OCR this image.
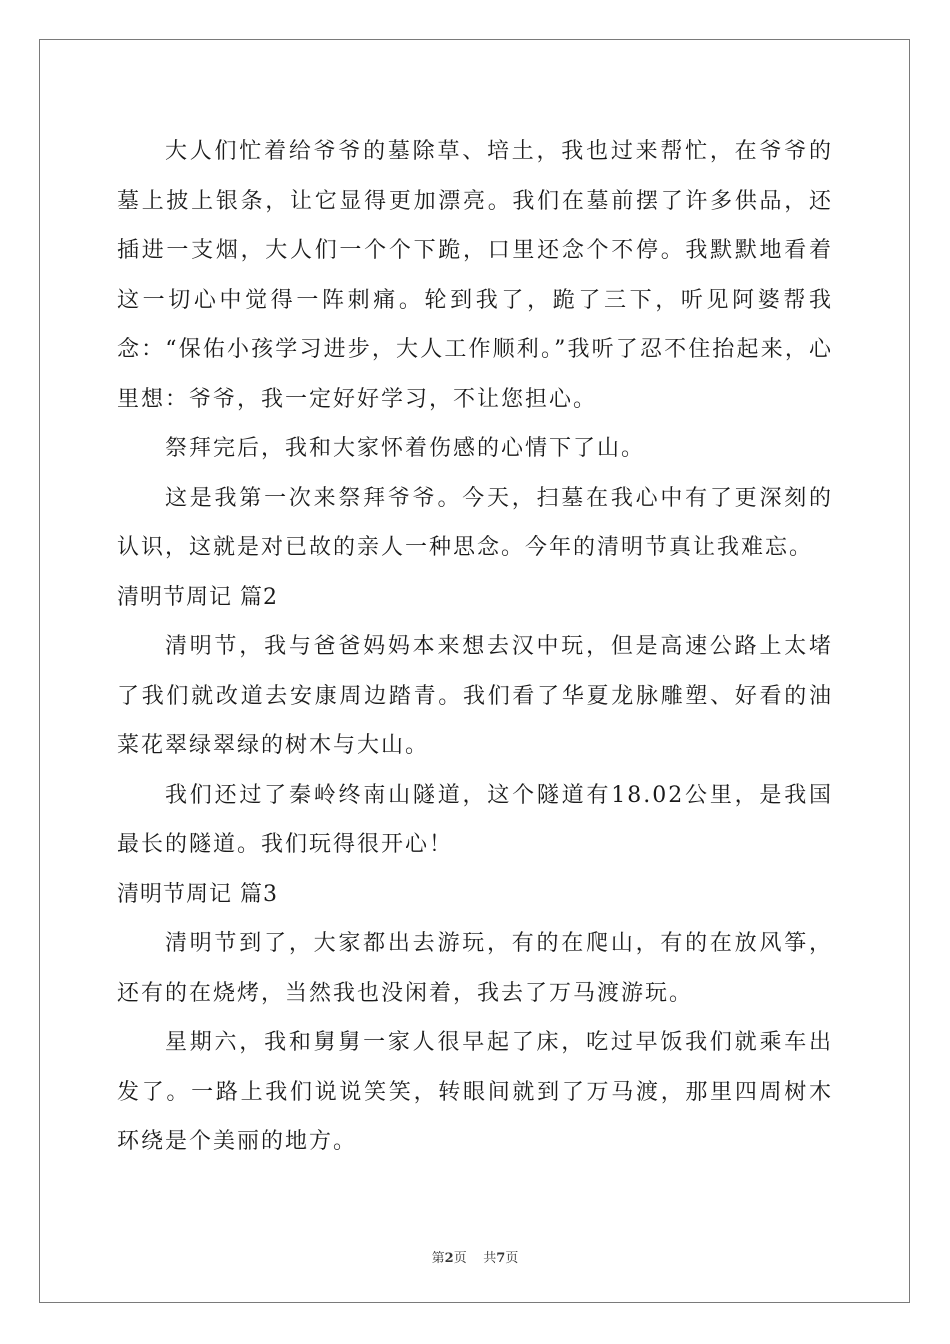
大人们忙着给爷爷的墓除草、培土，我也过来帮忙，在爷爷的墓上披上银条，让它显得更加漂亮。我们在墓前摆了许多供品，还插进一支烟，大人们一个个下跪，口里还念个不停。我默默地看着这一切心中觉得一阵刺痛。轮到我了，跪了三下，听见阿婆帮我念：“保佑小孩学习进步，大人工作顺利。”我听了忍不住抬起来，心里想：爷爷，我一定好好学习，不让您担心。

祭拜完后，我和大家怀着伤感的心情下了山。

这是我第一次来祭拜爷爷。今天，扫墓在我心中有了更深刻的认识，这就是对已故的亲人一种思念。今年的清明节真让我难忘。

清明节周记 篇2

清明节，我与爸爸妈妈本来想去汉中玩，但是高速公路上太堵了我们就改道去安康周边踏青。我们看了华夏龙脉雕塑、好看的油菜花翠绿翠绿的树木与大山。

我们还过了秦岭终南山隧道，这个隧道有18.02公里，是我国最长的隧道。我们玩得很开心！

清明节周记 篇3

清明节到了，大家都出去游玩，有的在爬山，有的在放风筝，还有的在烧烤，当然我也没闲着，我去了万马渡游玩。

星期六，我和舅舅一家人很早起了床，吃过早饭我们就乘车出发了。一路上我们说说笑笑，转眼间就到了万马渡，那里四周树木环绕是个美丽的地方。

第2页 共7页
